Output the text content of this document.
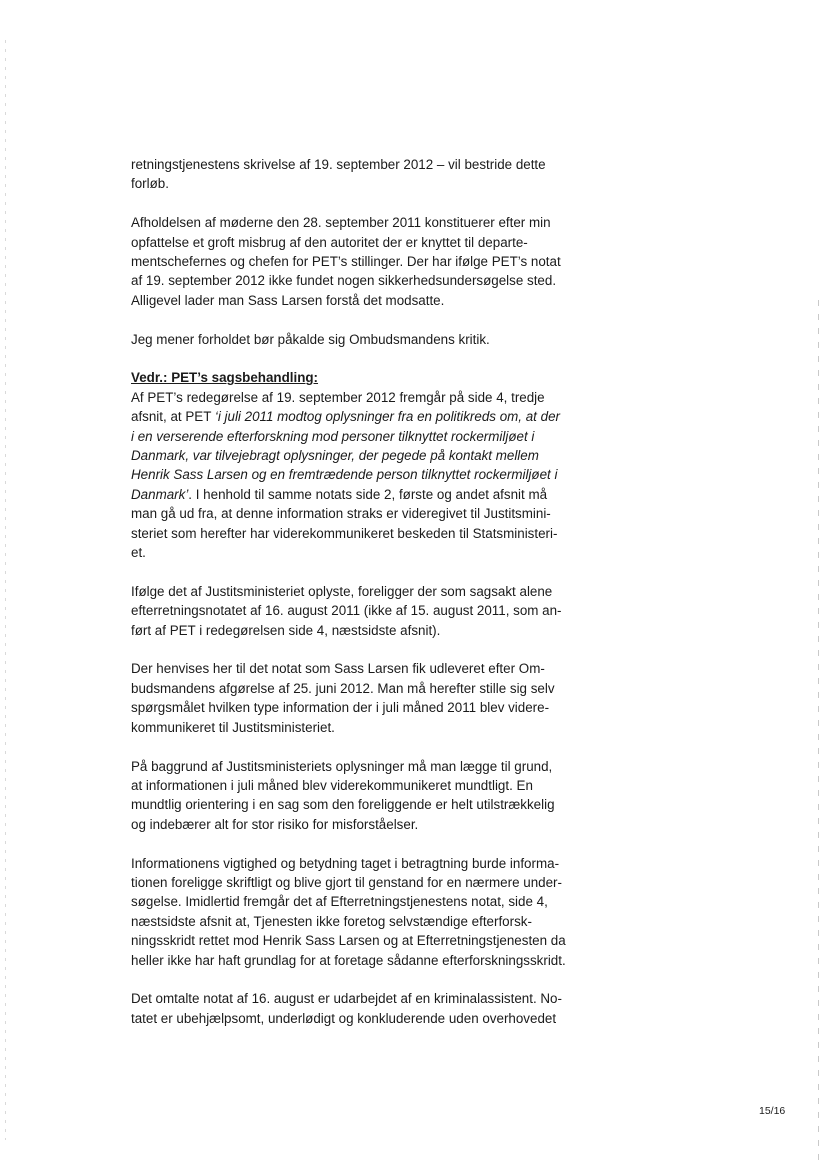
retningstjenestens skrivelse af 19. september 2012 – vil bestride dette
forløb.

Afholdelsen af møderne den 28. september 2011 konstituerer efter min
opfattelse et groft misbrug af den autoritet der er knyttet til departe-
mentschefernes og chefen for PET’s stillinger. Der har ifølge PET’s notat
af 19. september 2012 ikke fundet nogen sikkerhedsundersøgelse sted.
Alligevel lader man Sass Larsen forstå det modsatte.

Jeg mener forholdet bør påkalde sig Ombudsmandens kritik.

Vedr.: PET’s sagsbehandling:
Af PET’s redegørelse af 19. september 2012 fremgår på side 4, tredje
afsnit, at PET ‘i juli 2011 modtog oplysninger fra en politikreds om, at der
i en verserende efterforskning mod personer tilknyttet rockermiljøet i
Danmark, var tilvejebragt oplysninger, der pegede på kontakt mellem
Henrik Sass Larsen og en fremtrædende person tilknyttet rockermiljøet i
Danmark’. I henhold til samme notats side 2, første og andet afsnit må
man gå ud fra, at denne information straks er videregivet til Justitsmini-
steriet som herefter har viderekommunikeret beskeden til Statsministeri-
et.

Ifølge det af Justitsministeriet oplyste, foreligger der som sagsakt alene
efterretningsnotatet af 16. august 2011 (ikke af 15. august 2011, som an-
ført af PET i redegørelsen side 4, næstsidste afsnit).

Der henvises her til det notat som Sass Larsen fik udleveret efter Om-
budsmandens afgørelse af 25. juni 2012. Man må herefter stille sig selv
spørgsmålet hvilken type information der i juli måned 2011 blev videre-
kommunikeret til Justitsministeriet.

På baggrund af Justitsministeriets oplysninger må man lægge til grund,
at informationen i juli måned blev viderekommunikeret mundtligt. En
mundtlig orientering i en sag som den foreliggende er helt utilstrækkelig
og indebærer alt for stor risiko for misforståelser.

Informationens vigtighed og betydning taget i betragtning burde informa-
tionen foreligge skriftligt og blive gjort til genstand for en nærmere under-
søgelse. Imidlertid fremgår det af Efterretningstjenestens notat, side 4,
næstsidste afsnit at, Tjenesten ikke foretog selvstændige efterforsk-
ningsskridt rettet mod Henrik Sass Larsen og at Efterretningstjenesten da
heller ikke har haft grundlag for at foretage sådanne efterforskningsskridt.

Det omtalte notat af 16. august er udarbejdet af en kriminalassistent. No-
tatet er ubehjælpsomt, underlødigt og konkluderende uden overhovedet

15/16
